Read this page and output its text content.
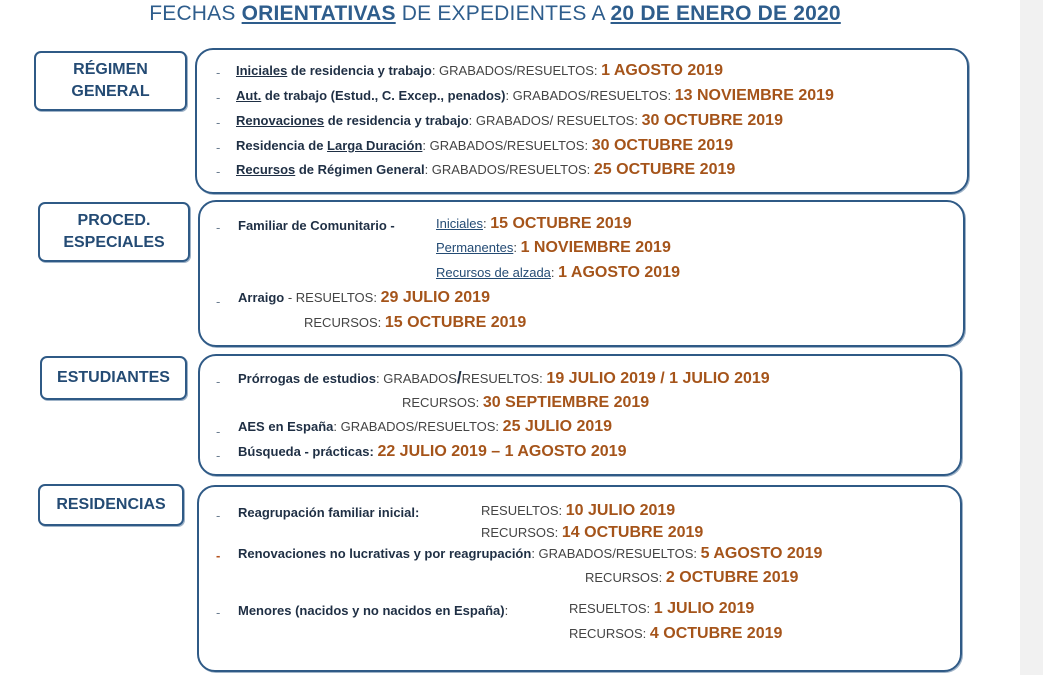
FECHAS ORIENTATIVAS DE EXPEDIENTES A 20 DE ENERO DE 2020
RÉGIMEN
GENERAL
- Iniciales de residencia y trabajo: GRABADOS/RESUELTOS: 1 AGOSTO 2019
- Aut. de trabajo (Estud., C. Excep., penados): GRABADOS/RESUELTOS: 13 NOVIEMBRE 2019
- Renovaciones de residencia y trabajo: GRABADOS/ RESUELTOS: 30 OCTUBRE 2019
- Residencia de Larga Duración: GRABADOS/RESUELTOS: 30 OCTUBRE 2019
- Recursos de Régimen General: GRABADOS/RESUELTOS: 25 OCTUBRE 2019
PROCED.
ESPECIALES
- Familiar de Comunitario -	Iniciales: 15 OCTUBRE 2019
Permanentes: 1 NOVIEMBRE 2019
Recursos de alzada: 1 AGOSTO 2019
- Arraigo - RESUELTOS: 29 JULIO 2019
RECURSOS: 15 OCTUBRE 2019
ESTUDIANTES	- Prórrogas de estudios: GRABADOS/RESUELTOS: 19 JULIO 2019 / 1 JULIO 2019
RECURSOS: 30 SEPTIEMBRE 2019
- AES en España: GRABADOS/RESUELTOS: 25 JULIO 2019
- Búsqueda - prácticas: 22 JULIO 2019 – 1 AGOSTO 2019
RESIDENCIAS
- Reagrupación familiar inicial:	RESUELTOS: 10 JULIO 2019
RECURSOS: 14 OCTUBRE 2019
- Renovaciones no lucrativas y por reagrupación: GRABADOS/RESUELTOS: 5 AGOSTO 2019
RECURSOS: 2 OCTUBRE 2019
- Menores (nacidos y no nacidos en España):	RESUELTOS: 1 JULIO 2019
RECURSOS: 4 OCTUBRE 2019
